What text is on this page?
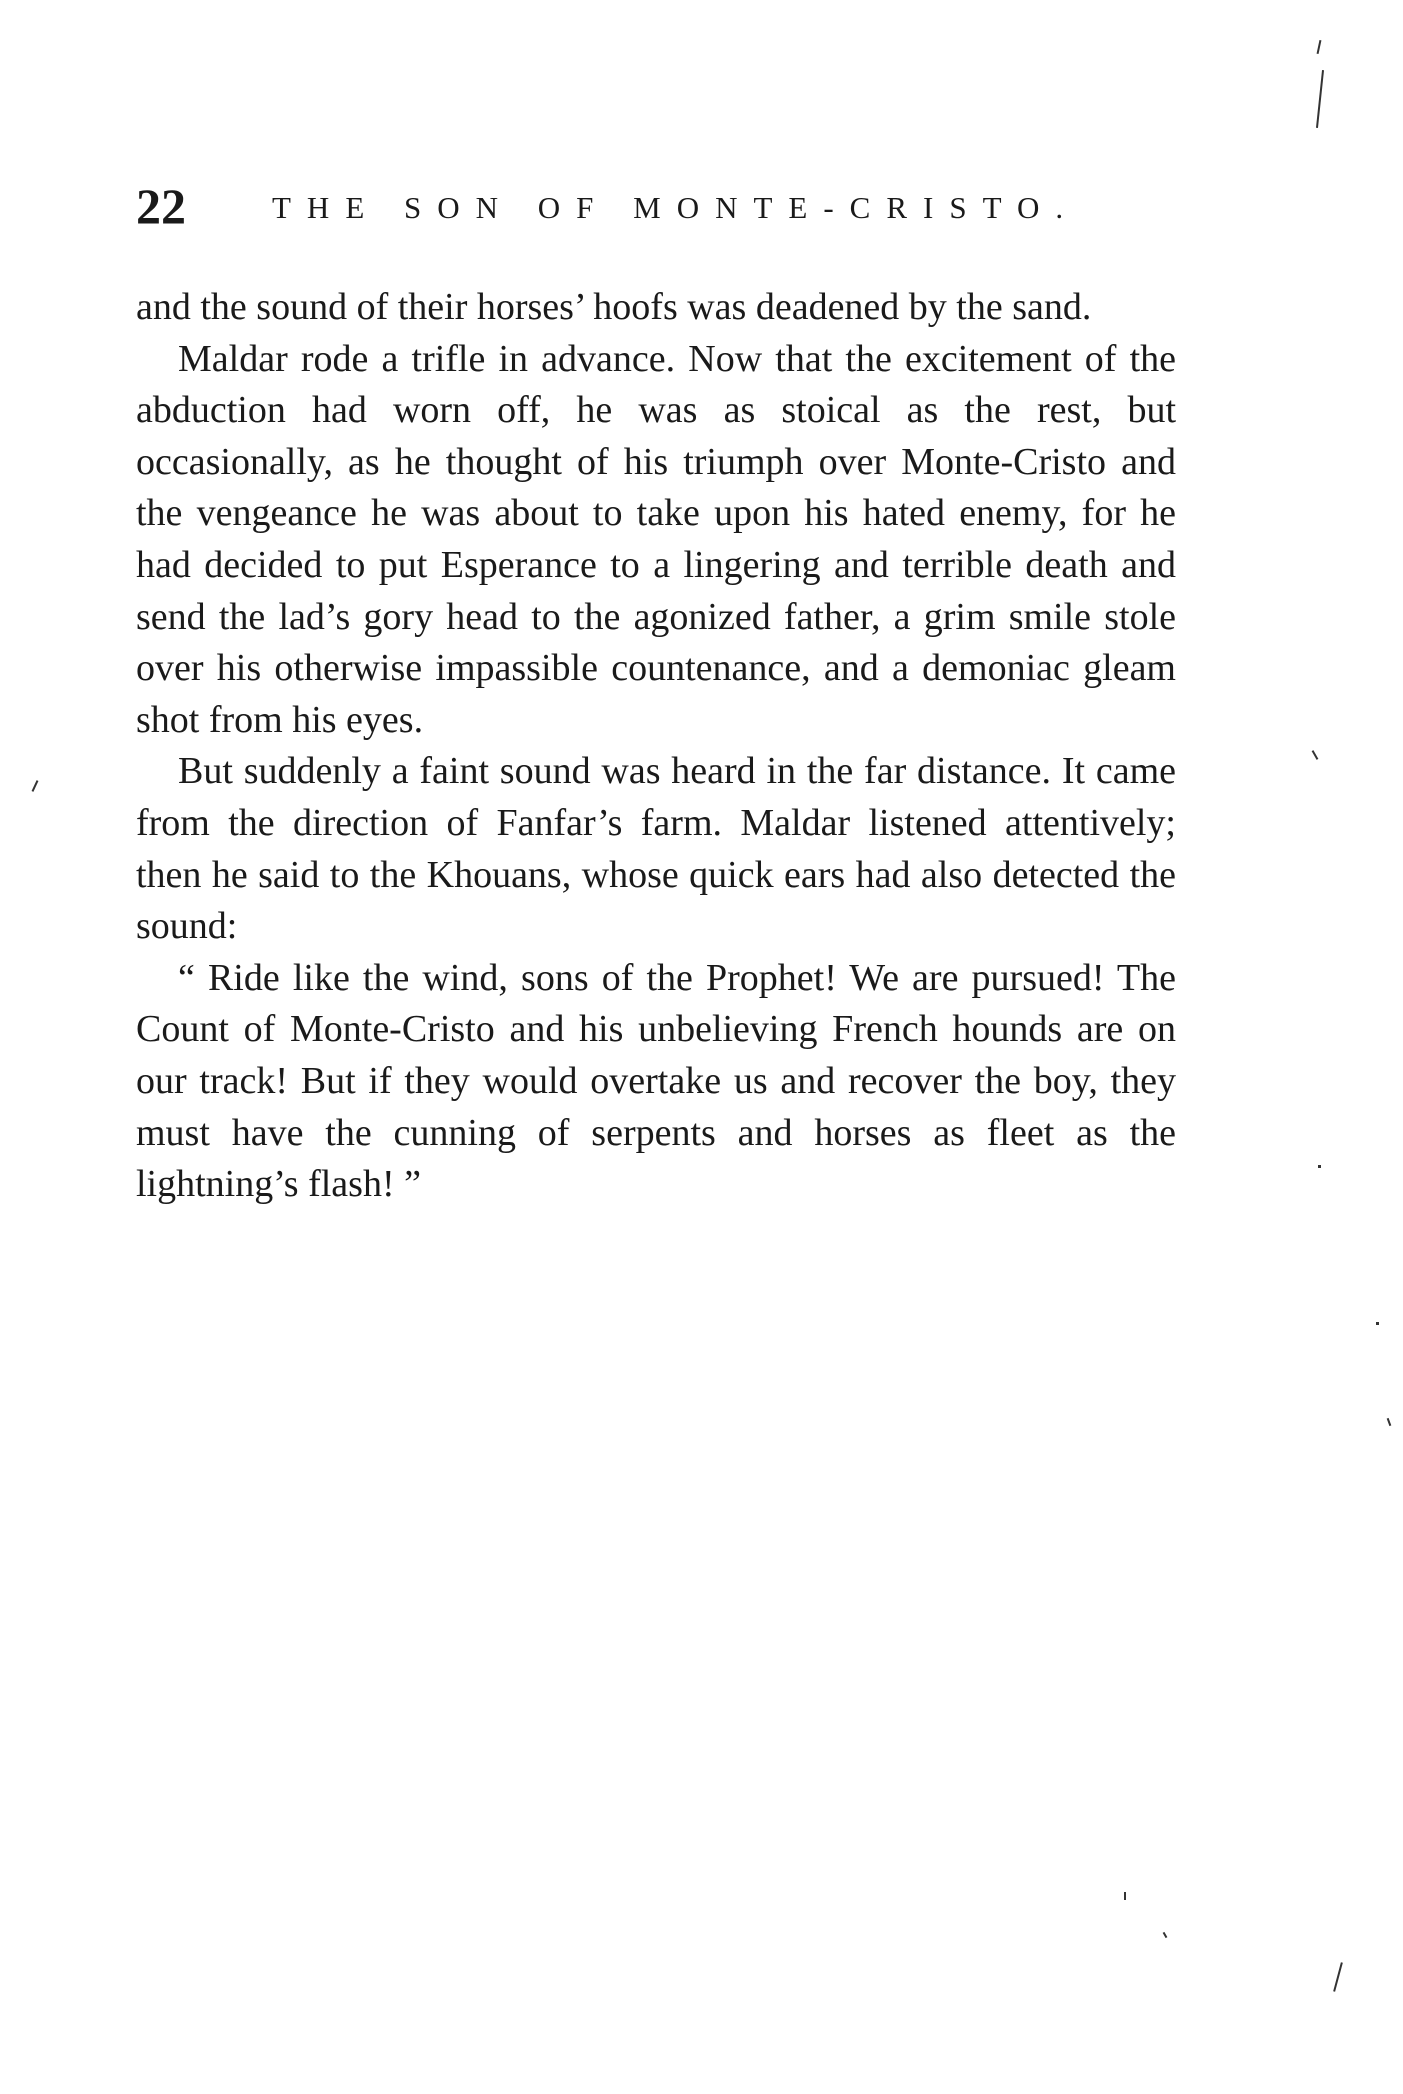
22	THE SON OF MONTE-CRISTO.

and the sound of their horses’ hoofs was deadened by the sand.

Maldar rode a trifle in advance. Now that the excitement of the abduction had worn off, he was as stoical as the rest, but occasionally, as he thought of his triumph over Monte-Cristo and the vengeance he was about to take upon his hated enemy, for he had decided to put Esperance to a lingering and terrible death and send the lad’s gory head to the agonized father, a grim smile stole over his otherwise impassible countenance, and a demoniac gleam shot from his eyes.

But suddenly a faint sound was heard in the far distance. It came from the direction of Fanfar’s farm. Maldar listened attentively; then he said to the Khouans, whose quick ears had also detected the sound:

“ Ride like the wind, sons of the Prophet! We are pursued! The Count of Monte-Cristo and his unbelieving French hounds are on our track! But if they would overtake us and recover the boy, they must have the cunning of serpents and horses as fleet as the lightning’s flash! ”
